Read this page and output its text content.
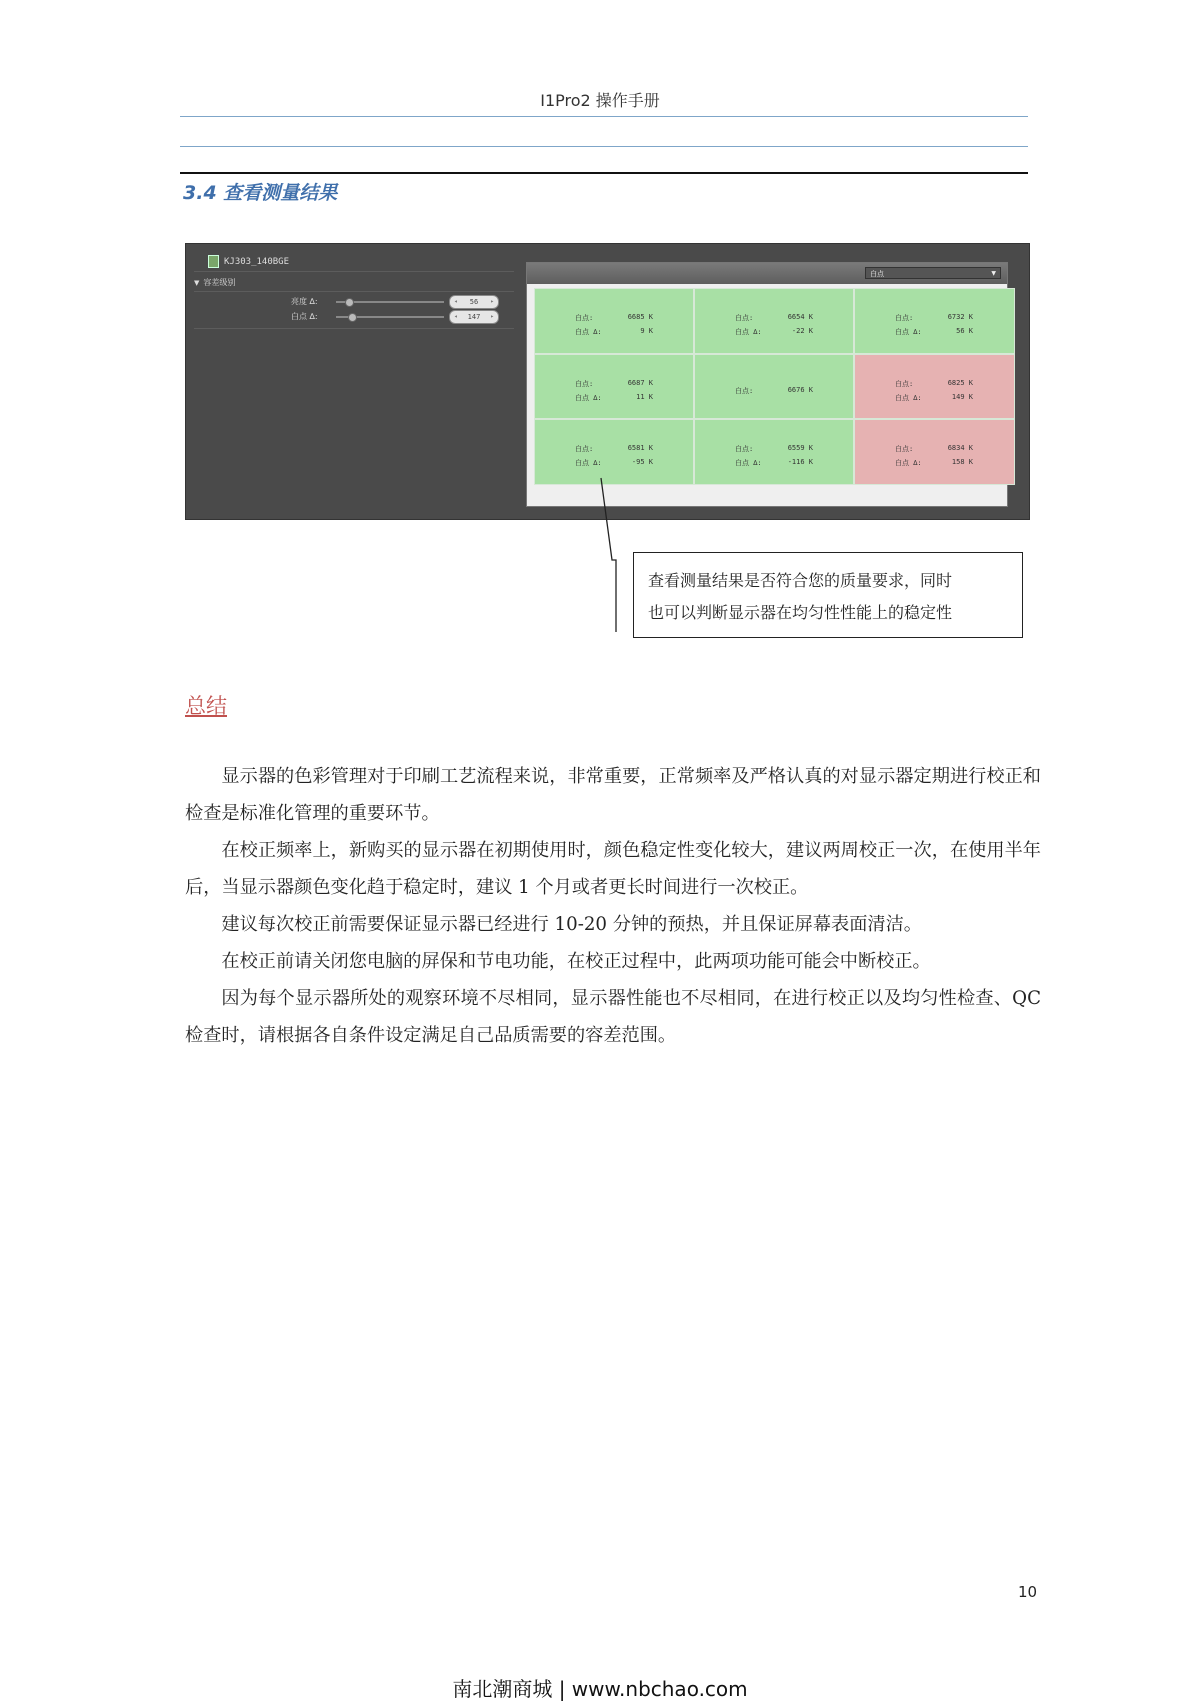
I1Pro2 操作手册
3.4 查看测量结果
KJ303_140BGE
▼ 容差级别
亮度 ∆:	◂ 56 ▸
白点 ∆:	◂ 147 ▸
白点	▼
白点:	6685 K
白点 ∆:	9 K
白点:	6654 K
白点 ∆:	-22 K
白点:	6732 K
白点 ∆:	56 K
白点:	6687 K
白点 ∆:	11 K
白点:	6676 K
白点:	6825 K
白点 ∆:	149 K
白点:	6581 K
白点 ∆:	-95 K
白点:	6559 K
白点 ∆:	-116 K
白点:	6834 K
白点 ∆:	158 K
查看测量结果是否符合您的质量要求，同时
也可以判断显示器在均匀性性能上的稳定性
总结

显示器的色彩管理对于印刷工艺流程来说，非常重要，正常频率及严格认真的对显示器定期进行校正和检查是标准化管理的重要环节。

在校正频率上，新购买的显示器在初期使用时，颜色稳定性变化较大，建议两周校正一次，在使用半年后，当显示器颜色变化趋于稳定时，建议 1 个月或者更长时间进行一次校正。

建议每次校正前需要保证显示器已经进行 10-20 分钟的预热，并且保证屏幕表面清洁。

在校正前请关闭您电脑的屏保和节电功能，在校正过程中，此两项功能可能会中断校正。

因为每个显示器所处的观察环境不尽相同，显示器性能也不尽相同，在进行校正以及均匀性检查、QC 检查时，请根据各自条件设定满足自己品质需要的容差范围。

10
南北潮商城 | www.nbchao.com
